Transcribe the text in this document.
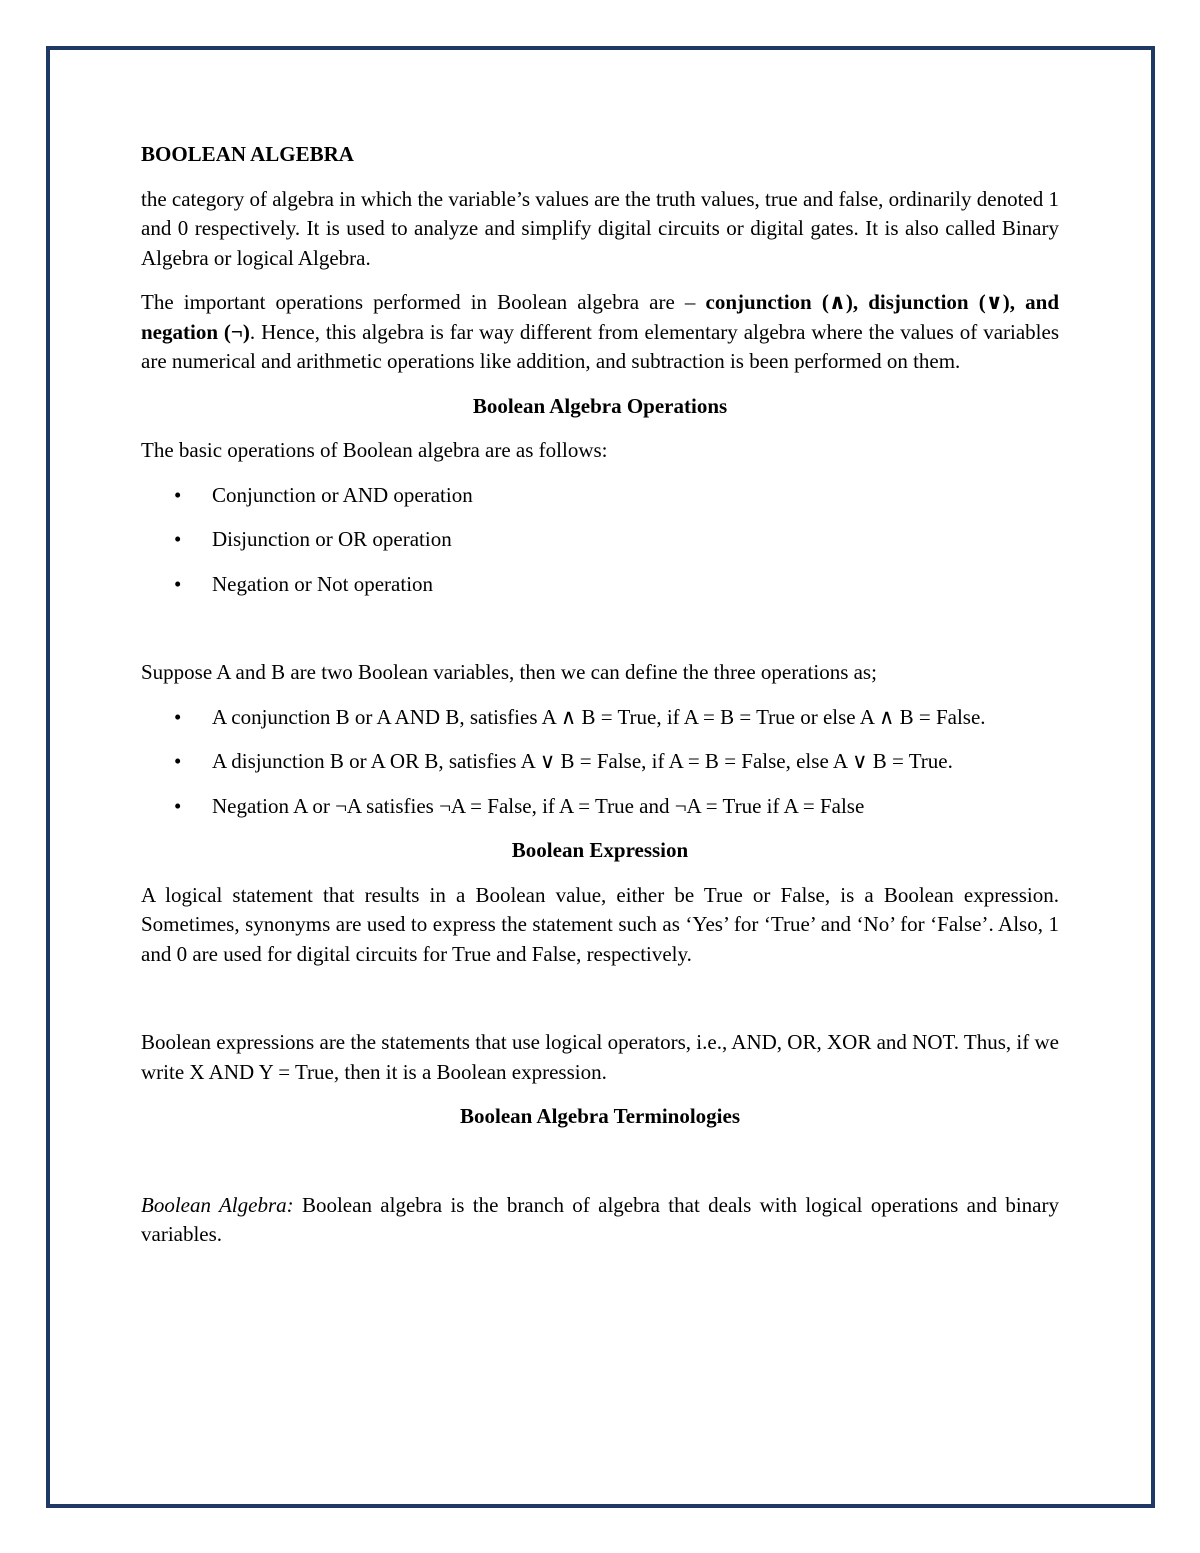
BOOLEAN ALGEBRA

the category of algebra in which the variable’s values are the truth values, true and false, ordinarily denoted 1 and 0 respectively. It is used to analyze and simplify digital circuits or digital gates. It is also called Binary Algebra or logical Algebra.

The important operations performed in Boolean algebra are – conjunction (∧), disjunction (∨), and negation (¬). Hence, this algebra is far way different from elementary algebra where the values of variables are numerical and arithmetic operations like addition, and subtraction is been performed on them.

Boolean Algebra Operations

The basic operations of Boolean algebra are as follows:

• Conjunction or AND operation
• Disjunction or OR operation
• Negation or Not operation

Suppose A and B are two Boolean variables, then we can define the three operations as;

• A conjunction B or A AND B, satisfies A ∧ B = True, if A = B = True or else A ∧ B = False.
• A disjunction B or A OR B, satisfies A ∨ B = False, if A = B = False, else A ∨ B = True.
• Negation A or ¬A satisfies ¬A = False, if A = True and ¬A = True if A = False
Boolean Expression

A logical statement that results in a Boolean value, either be True or False, is a Boolean expression. Sometimes, synonyms are used to express the statement such as ‘Yes’ for ‘True’ and ‘No’ for ‘False’. Also, 1 and 0 are used for digital circuits for True and False, respectively.

Boolean expressions are the statements that use logical operators, i.e., AND, OR, XOR and NOT. Thus, if we write X AND Y = True, then it is a Boolean expression.

Boolean Algebra Terminologies

Boolean Algebra: Boolean algebra is the branch of algebra that deals with logical operations and binary variables.
